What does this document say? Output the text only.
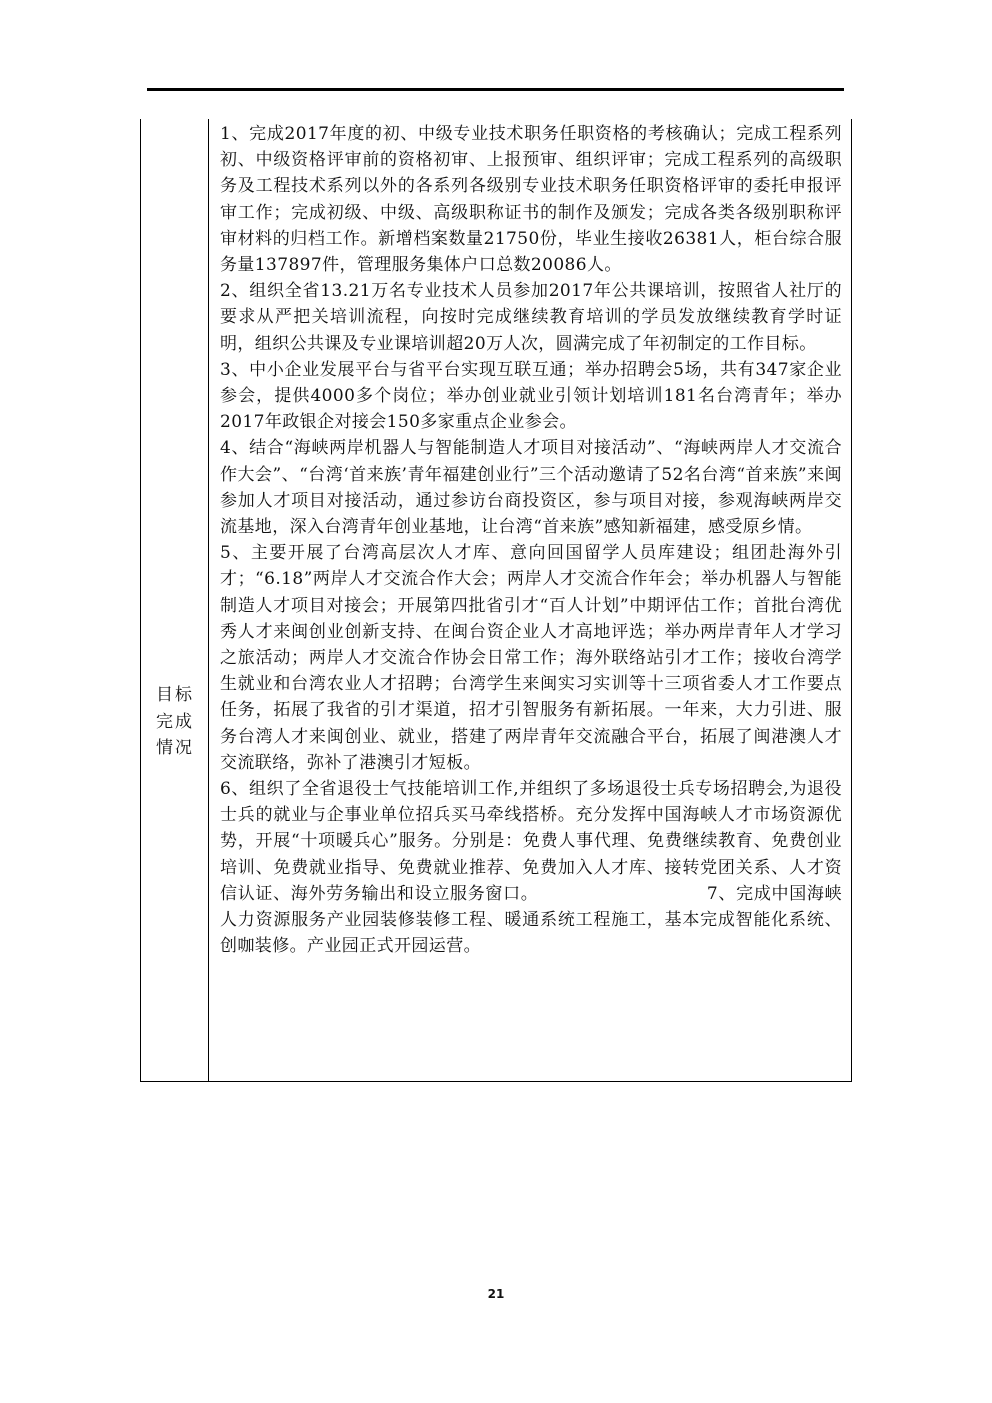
目标
完成
情况

1、完成2017年度的初、中级专业技术职务任职资格的考核确认；完成工程系列初、中级资格评审前的资格初审、上报预审、组织评审；完成工程系列的高级职务及工程技术系列以外的各系列各级别专业技术职务任职资格评审的委托申报评审工作；完成初级、中级、高级职称证书的制作及颁发；完成各类各级别职称评审材料的归档工作。新增档案数量21750份，毕业生接收26381人，柜台综合服务量137897件，管理服务集体户口总数20086人。

2、组织全省13.21万名专业技术人员参加2017年公共课培训，按照省人社厅的要求从严把关培训流程，向按时完成继续教育培训的学员发放继续教育学时证明，组织公共课及专业课培训超20万人次，圆满完成了年初制定的工作目标。

3、中小企业发展平台与省平台实现互联互通；举办招聘会5场，共有347家企业参会，提供4000多个岗位；举办创业就业引领计划培训181名台湾青年；举办2017年政银企对接会150多家重点企业参会。

4、结合“海峡两岸机器人与智能制造人才项目对接活动”、“海峡两岸人才交流合作大会”、“台湾‘首来族’青年福建创业行”三个活动邀请了52名台湾“首来族”来闽参加人才项目对接活动，通过参访台商投资区，参与项目对接，参观海峡两岸交流基地，深入台湾青年创业基地，让台湾“首来族”感知新福建，感受原乡情。

5、主要开展了台湾高层次人才库、意向回国留学人员库建设；组团赴海外引才；“6.18”两岸人才交流合作大会；两岸人才交流合作年会；举办机器人与智能制造人才项目对接会；开展第四批省引才“百人计划”中期评估工作；首批台湾优秀人才来闽创业创新支持、在闽台资企业人才高地评选；举办两岸青年人才学习之旅活动；两岸人才交流合作协会日常工作；海外联络站引才工作；接收台湾学生就业和台湾农业人才招聘；台湾学生来闽实习实训等十三项省委人才工作要点任务，拓展了我省的引才渠道，招才引智服务有新拓展。一年来，大力引进、服务台湾人才来闽创业、就业，搭建了两岸青年交流融合平台，拓展了闽港澳人才交流联络，弥补了港澳引才短板。

6、组织了全省退役士气技能培训工作,并组织了多场退役士兵专场招聘会,为退役士兵的就业与企事业单位招兵买马牵线搭桥。充分发挥中国海峡人才市场资源优势，开展“十项暖兵心”服务。分别是：免费人事代理、免费继续教育、免费创业培训、免费就业指导、免费就业推荐、免费加入人才库、接转党团关系、人才资信认证、海外劳务输出和设立服务窗口。　　　　　　　　　　7、完成中国海峡人力资源服务产业园装修装修工程、暖通系统工程施工，基本完成智能化系统、创咖装修。产业园正式开园运营。

21
